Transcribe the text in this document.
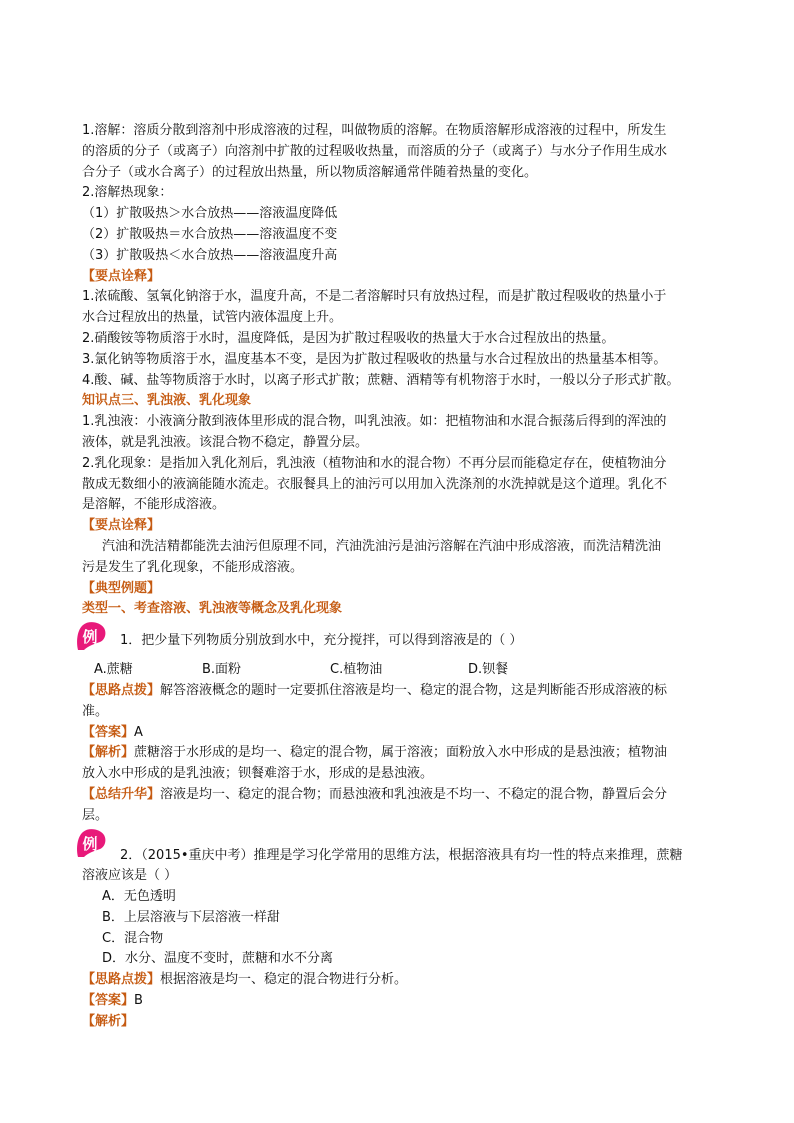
1.溶解：溶质分散到溶剂中形成溶液的过程，叫做物质的溶解。在物质溶解形成溶液的过程中，所发生
的溶质的分子（或离子）向溶剂中扩散的过程吸收热量，而溶质的分子（或离子）与水分子作用生成水
合分子（或水合离子）的过程放出热量，所以物质溶解通常伴随着热量的变化。
2.溶解热现象：
（1）扩散吸热＞水合放热——溶液温度降低
（2）扩散吸热＝水合放热——溶液温度不变
（3）扩散吸热＜水合放热——溶液温度升高
【要点诠释】
1.浓硫酸、氢氧化钠溶于水，温度升高，不是二者溶解时只有放热过程，而是扩散过程吸收的热量小于
水合过程放出的热量，试管内液体温度上升。
2.硝酸铵等物质溶于水时，温度降低，是因为扩散过程吸收的热量大于水合过程放出的热量。
3.氯化钠等物质溶于水，温度基本不变，是因为扩散过程吸收的热量与水合过程放出的热量基本相等。
4.酸、碱、盐等物质溶于水时，以离子形式扩散；蔗糖、酒精等有机物溶于水时，一般以分子形式扩散。
知识点三、乳浊液、乳化现象
1.乳浊液：小液滴分散到液体里形成的混合物，叫乳浊液。如：把植物油和水混合振荡后得到的浑浊的
液体，就是乳浊液。该混合物不稳定，静置分层。
2.乳化现象：是指加入乳化剂后，乳浊液（植物油和水的混合物）不再分层而能稳定存在，使植物油分
散成无数细小的液滴能随水流走。衣服餐具上的油污可以用加入洗涤剂的水洗掉就是这个道理。乳化不
是溶解，不能形成溶液。
【要点诠释】
汽油和洗洁精都能洗去油污但原理不同，汽油洗油污是油污溶解在汽油中形成溶液，而洗洁精洗油
污是发生了乳化现象，不能形成溶液。
【典型例题】
类型一、考查溶液、乳浊液等概念及乳化现象
例 1．把少量下列物质分别放到水中，充分搅拌，可以得到溶液是的（ ）
A.蔗糖	B.面粉	C.植物油	D.钡餐
【思路点拨】解答溶液概念的题时一定要抓住溶液是均一、稳定的混合物，这是判断能否形成溶液的标
准。
【答案】A
【解析】蔗糖溶于水形成的是均一、稳定的混合物，属于溶液；面粉放入水中形成的是悬浊液；植物油
放入水中形成的是乳浊液；钡餐难溶于水，形成的是悬浊液。
【总结升华】溶液是均一、稳定的混合物；而悬浊液和乳浊液是不均一、不稳定的混合物，静置后会分
层。
例
2．（2015•重庆中考）推理是学习化学常用的思维方法，根据溶液具有均一性的特点来推理，蔗糖
溶液应该是（ ）
A．无色透明
B．上层溶液与下层溶液一样甜
C．混合物
D．水分、温度不变时，蔗糖和水不分离
【思路点拨】根据溶液是均一、稳定的混合物进行分析。
【答案】B
【解析】
